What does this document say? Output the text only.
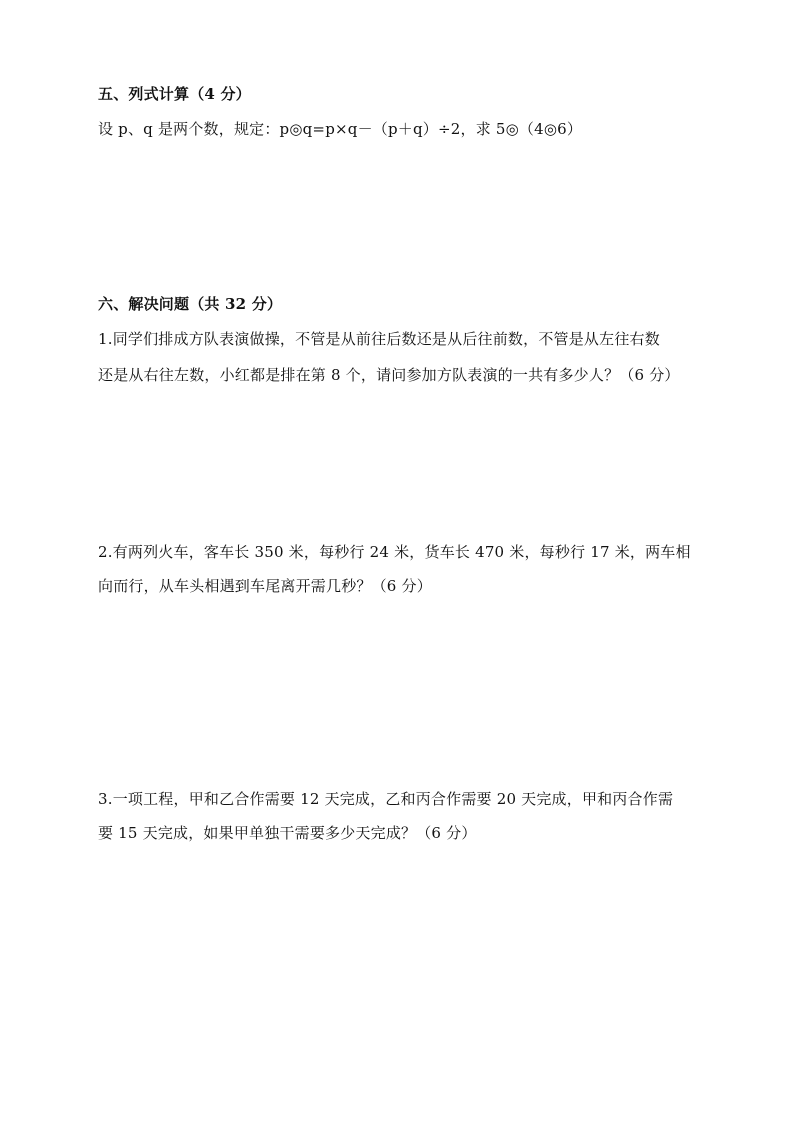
五、列式计算（4 分）
设 p、q 是两个数，规定：p◎q=p×q－（p＋q）÷2，求 5◎（4◎6）
六、解决问题（共 32 分）
1.同学们排成方队表演做操，不管是从前往后数还是从后往前数，不管是从左往右数
还是从右往左数，小红都是排在第 8 个，请问参加方队表演的一共有多少人？（6 分）
2.有两列火车，客车长 350 米，每秒行 24 米，货车长 470 米，每秒行 17 米，两车相
向而行，从车头相遇到车尾离开需几秒？（6 分）
3.一项工程，甲和乙合作需要 12 天完成，乙和丙合作需要 20 天完成，甲和丙合作需
要 15 天完成，如果甲单独干需要多少天完成？（6 分）
